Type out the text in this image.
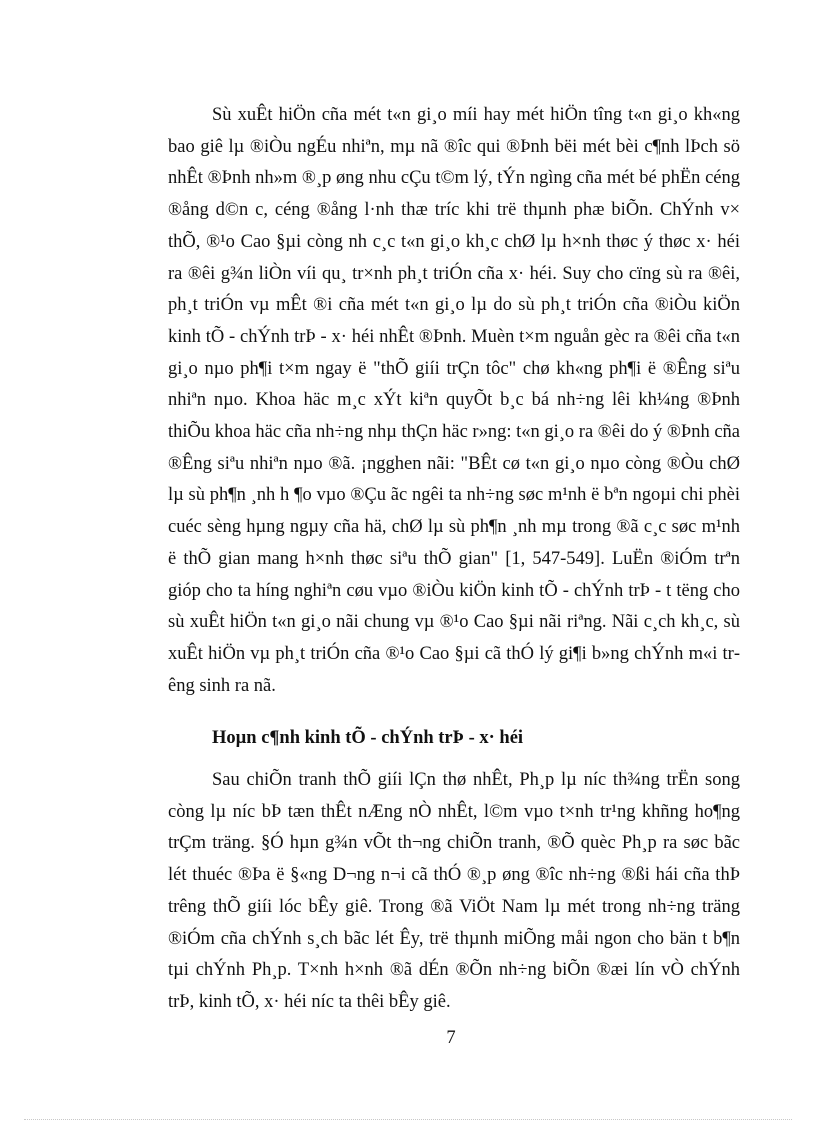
Sù xuÊt hiÖn cña mét t«n gi¸o míi hay mét hiÖn tîng t«n gi¸o kh«ng bao giê lµ ®iÒu ngÉu nhiªn, mµ nã ®îc qui ®Þnh bëi mét bèi c¶nh lÞch sö nhÊt ®Þnh nh»m ®¸p øng nhu cÇu t©m lý, tÝn ngìng cña mét bé phËn céng ®ång d©n c, céng ®ång l·nh thæ tríc khi trë thµnh phæ biÕn. ChÝnh v× thÕ, ®¹o Cao §µi còng nh c¸c t«n gi¸o kh¸c chØ lµ h×nh thøc ý thøc x· héi ra ®êi g¾n liÒn víi qu¸ tr×nh ph¸t triÓn cña x· héi. Suy cho cïng sù ra ®êi, ph¸t triÓn vµ mÊt ®i cña mét t«n gi¸o lµ do sù ph¸t triÓn cña ®iÒu kiÖn kinh tÕ - chÝnh trÞ - x· héi nhÊt ®Þnh. Muèn t×m nguån gèc ra ®êi cña t«n gi¸o nµo ph¶i t×m ngay ë "thÕ giíi trÇn tôc" chø kh«ng ph¶i ë ®Êng siªu nhiªn nµo. Khoa häc m¸c xÝt kiªn quyÕt b¸c bá nh÷ng lêi kh¼ng ®Þnh thiÕu khoa häc cña nh÷ng nhµ thÇn häc r»ng: t«n gi¸o ra ®êi do ý ®Þnh cña ®Êng siªu nhiªn nµo ®ã. ¡ngghen nãi: "BÊt cø t«n gi¸o nµo còng ®Òu chØ lµ sù ph¶n ¸nh h ¶o vµo ®Çu ãc ngêi ta nh÷ng søc m¹nh ë bªn ngoµi chi phèi cuéc sèng hµng ngµy cña hä, chØ lµ sù ph¶n ¸nh mµ trong ®ã c¸c søc m¹nh ë thÕ gian mang h×nh thøc siªu thÕ gian" [1, 547-549]. LuËn ®iÓm trªn gióp cho ta híng nghiªn cøu vµo ®iÒu kiÖn kinh tÕ - chÝnh trÞ - t tëng cho sù xuÊt hiÖn t«n gi¸o nãi chung vµ ®¹o Cao §µi nãi riªng. Nãi c¸ch kh¸c, sù xuÊt hiÖn vµ ph¸t triÓn cña ®¹o Cao §µi cã thÓ lý gi¶i b»ng chÝnh m«i trêng sinh ra nã.

Hoµn c¶nh kinh tÕ - chÝnh trÞ - x· héi

Sau chiÕn tranh thÕ giíi lÇn thø nhÊt, Ph¸p lµ níc th¾ng trËn song còng lµ níc bÞ tæn thÊt nÆng nÒ nhÊt, l©m vµo t×nh tr¹ng khñng ho¶ng trÇm träng. §Ó hµn g¾n vÕt th¬ng chiÕn tranh, ®Õ quèc Ph¸p ra søc bãc lét thuéc ®Þa ë §«ng D¬ng n¬i cã thÓ ®¸p øng ®îc nh÷ng ®ßi hái cña thÞ trêng thÕ giíi lóc bÊy giê. Trong ®ã ViÖt Nam lµ mét trong nh÷ng träng ®iÓm cña chÝnh s¸ch bãc lét Êy, trë thµnh miÕng måi ngon cho bän t b¶n tµi chÝnh Ph¸p. T×nh h×nh ®ã dÉn ®Õn nh÷ng biÕn ®æi lín vÒ chÝnh trÞ, kinh tÕ, x· héi níc ta thêi bÊy giê.

7
